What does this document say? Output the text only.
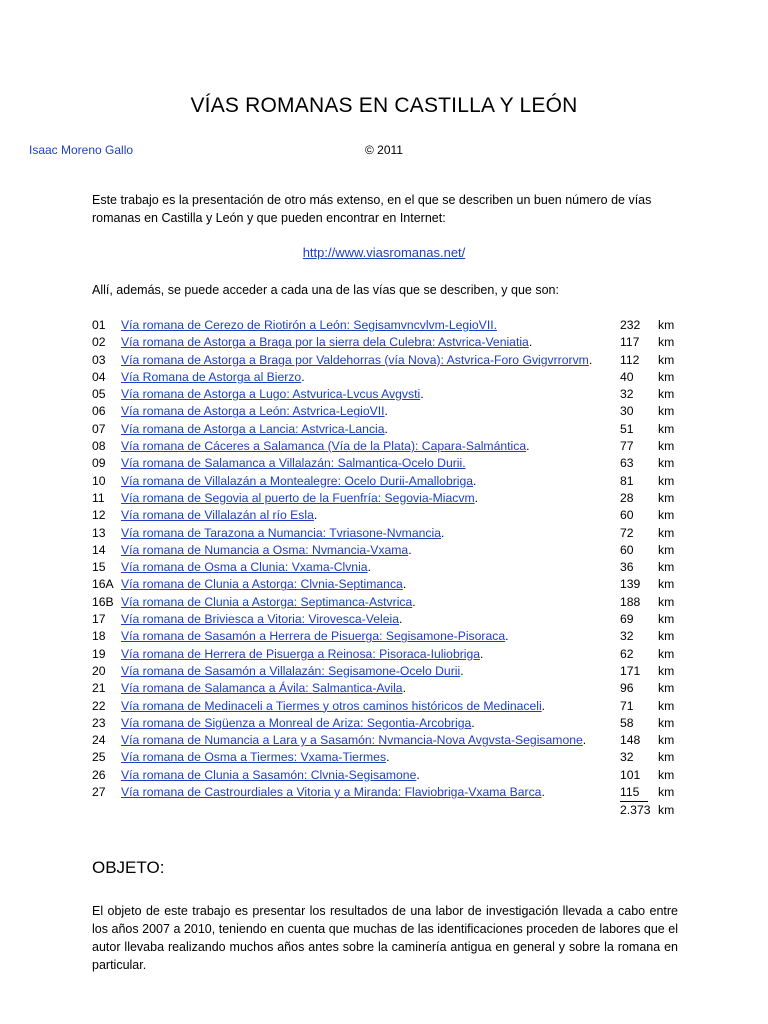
VÍAS ROMANAS EN CASTILLA Y LEÓN
Isaac Moreno Gallo	© 2011
Este trabajo es la presentación de otro más extenso, en el que se describen un buen número de vías romanas en Castilla y León y que pueden encontrar en Internet:
http://www.viasromanas.net/
Allí, además, se puede acceder a cada una de las vías que se describen, y que son:
01	Vía romana de Cerezo de Riotirón a León: Segisamvncvlvm-LegioVII.	232	km
02	Vía romana de Astorga a Braga por la sierra dela Culebra: Astvrica-Veniatia.	117	km
03	Vía romana de Astorga a Braga por Valdehorras (vía Nova): Astvrica-Foro Gvigvrrorvm. 112	km
04	Vía Romana de Astorga al Bierzo.	40	km
05	Vía romana de Astorga a Lugo: Astvurica-Lvcus Avgvsti.	32	km
06	Vía romana de Astorga a León: Astvrica-LegioVII.	30	km
07	Vía romana de Astorga a Lancia: Astvrica-Lancia.	51	km
08	Vía romana de Cáceres a Salamanca (Vía de la Plata): Capara-Salmántica.	77	km
09	Vía romana de Salamanca a Villalazán: Salmantica-Ocelo Durii.	63	km
10	Vía romana de Villalazán a Montealegre: Ocelo Durii-Amallobriga.	81	km
11	Vía romana de Segovia al puerto de la Fuenfría: Segovia-Miacvm.	28	km
12	Vía romana de Villalazán al río Esla.	60	km
13	Vía romana de Tarazona a Numancia: Tvriasone-Nvmancia.	72	km
14	Vía romana de Numancia a Osma: Nvmancia-Vxama.	60	km
15	Vía romana de Osma a Clunia: Vxama-Clvnia.	36	km
16A Vía romana de Clunia a Astorga: Clvnia-Septimanca.	139	km
16B Vía romana de Clunia a Astorga: Septimanca-Astvrica.	188	km
17	Vía romana de Briviesca a Vitoria: Virovesca-Veleia.	69	km
18	Vía romana de Sasamón a Herrera de Pisuerga: Segisamone-Pisoraca.	32	km
19	Vía romana de Herrera de Pisuerga a Reinosa: Pisoraca-Iuliobriga.	62	km
20	Vía romana de Sasamón a Villalazán: Segisamone-Ocelo Durii.	171	km
21	Vía romana de Salamanca a Ávila: Salmantica-Avila.	96	km
22	Vía romana de Medinaceli a Tiermes y otros caminos históricos de Medinaceli.	71	km
23	Vía romana de Sigüenza a Monreal de Ariza: Segontia-Arcobriga.	58	km
24	Vía romana de Numancia a Lara y a Sasamón: Nvmancia-Nova Avgvsta-Segisamone.	148	km
25	Vía romana de Osma a Tiermes: Vxama-Tiermes.	32	km
26	Vía romana de Clunia a Sasamón: Clvnia-Segisamone.	101	km
27	Vía romana de Castrourdiales a Vitoria y a Miranda: Flaviobriga-Vxama Barca.	115	km
2.373 km
OBJETO:
El objeto de este trabajo es presentar los resultados de una labor de investigación llevada a cabo entre los años 2007 a 2010, teniendo en cuenta que muchas de las identificaciones proceden de labores que el autor llevaba realizando muchos años antes sobre la caminería antigua en general y sobre la romana en particular.
